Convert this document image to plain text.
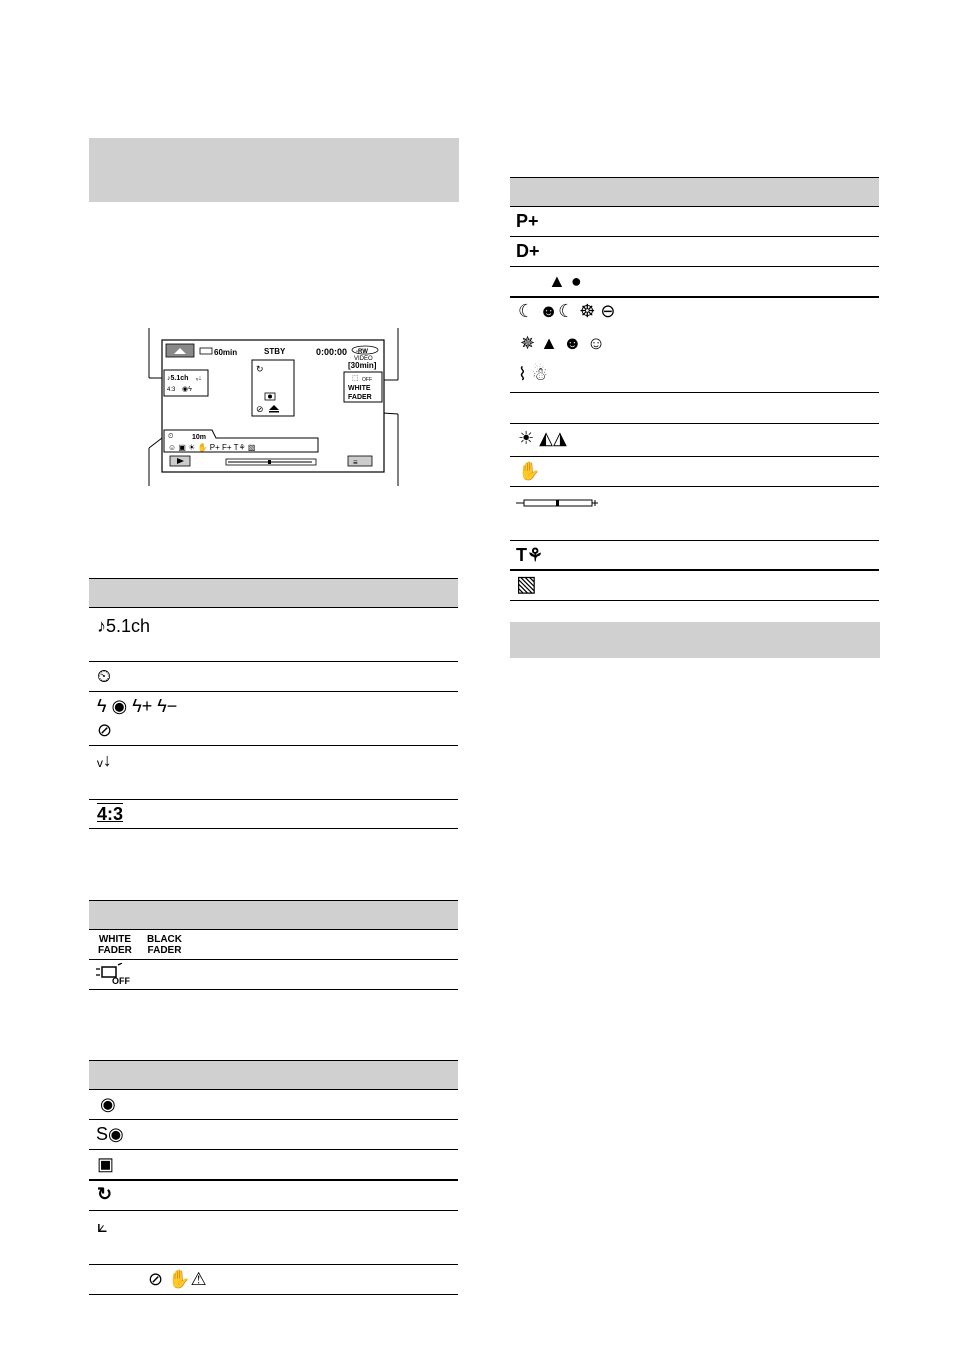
60min	STBY	0:00:00 -RW
VIDEO
[30min]
♪5.1ch ᵥ↓
4:3 ◉ϟ
↻
⊘
⬚ OFF
WHITE
FADER
⏲	10m
☺ ▣ ☀ ✋ P+ F+ T⚘ ▧
≡
♪5.1ch
⏲
ϟ ◉ ϟ+ ϟ−
⊘
ᵥ↓
4:3
WHITE
FADER
BLACK
FADER
OFF
◉
S◉
▣
↻
⟀
⊘ ✋⚠
P+
D+
▲ ●
☾ ☻☾ ☸ ⊖
✵ ▲ ☻ ☺
⌇ ☃
☀ ◭◮
✋
T⚘
▧
